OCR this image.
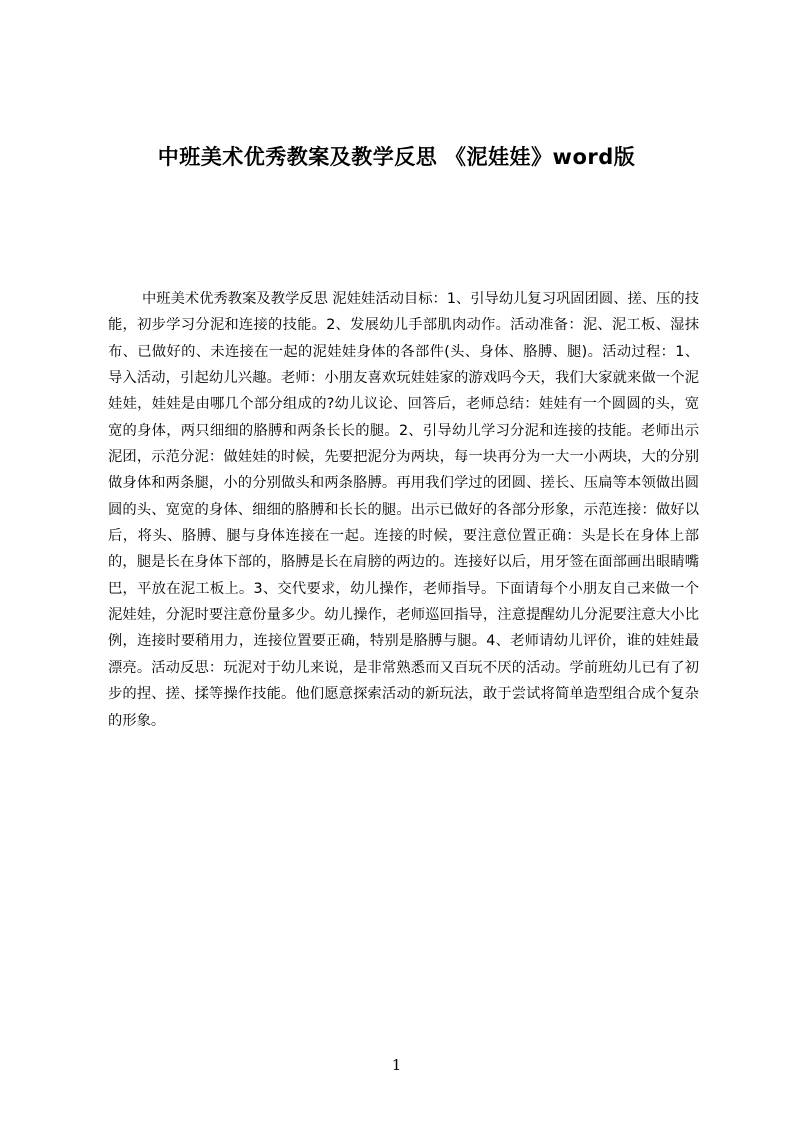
中班美术优秀教案及教学反思 《泥娃娃》word版

中班美术优秀教案及教学反思 泥娃娃活动目标：1、引导幼儿复习巩固团圆、搓、压的技能，初步学习分泥和连接的技能。2、发展幼儿手部肌肉动作。活动准备：泥、泥工板、湿抹布、已做好的、未连接在一起的泥娃娃身体的各部件(头、身体、胳膊、腿)。活动过程：1、导入活动，引起幼儿兴趣。老师：小朋友喜欢玩娃娃家的游戏吗今天，我们大家就来做一个泥娃娃，娃娃是由哪几个部分组成的?幼儿议论、回答后，老师总结：娃娃有一个圆圆的头，宽宽的身体，两只细细的胳膊和两条长长的腿。2、引导幼儿学习分泥和连接的技能。老师出示泥团，示范分泥：做娃娃的时候，先要把泥分为两块，每一块再分为一大一小两块，大的分别做身体和两条腿，小的分别做头和两条胳膊。再用我们学过的团圆、搓长、压扁等本领做出圆圆的头、宽宽的身体、细细的胳膊和长长的腿。出示已做好的各部分形象，示范连接：做好以后，将头、胳膊、腿与身体连接在一起。连接的时候，要注意位置正确：头是长在身体上部的，腿是长在身体下部的，胳膊是长在肩膀的两边的。连接好以后，用牙签在面部画出眼睛嘴巴，平放在泥工板上。3、交代要求，幼儿操作，老师指导。下面请每个小朋友自己来做一个泥娃娃，分泥时要注意份量多少。幼儿操作，老师巡回指导，注意提醒幼儿分泥要注意大小比例，连接时要稍用力，连接位置要正确，特别是胳膊与腿。4、老师请幼儿评价，谁的娃娃最漂亮。活动反思：玩泥对于幼儿来说，是非常熟悉而又百玩不厌的活动。学前班幼儿已有了初步的捏、搓、揉等操作技能。他们愿意探索活动的新玩法，敢于尝试将简单造型组合成个复杂的形象。

1
